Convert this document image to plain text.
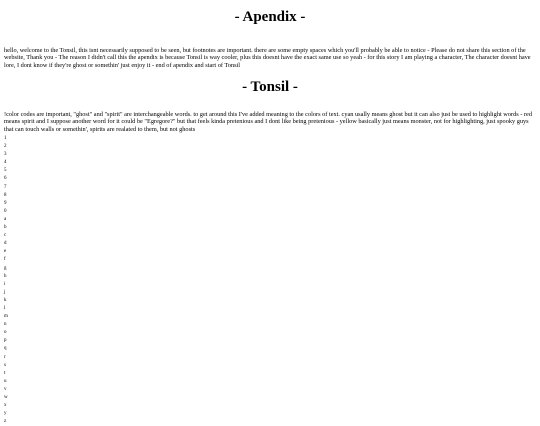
- Apendix -

hello, welcome to the Tonsil, this isnt necessarily supposed to be seen, but footnotes are important. there are some empty spaces which you'll probably be able to notice - Please do not share this section of the website, Thank you - The reason I didn't call this the apendix is because Tonsil is way cooler, plus this doesnt have the exact same use so yeah - for this story I am playing a character, The character doesnt have lore, I dont know if they're ghost or somethin' just enjoy it - end of apendix and start of Tonsil

- Tonsil -

!color codes are important, "ghost" and "spirit" are interchangeable words. to get around this I've added meaning to the colors of text. cyan usally means ghost but it can also just be used to highlight words - red means spirit and I suppose another word for it could be "Egregore?" but that feels kinda pretenious and I dont like being pretenious - yellow basically just means monster, not for highlighting, just spooky guys that can touch walls or somethin', spirits are realated to them, but not ghosts

1
2
3
4
5
6
7
8
9
0
a
b
c
d
e
f
g
h
i
j
k
l
m
n
o
p
q
r
s
t
u
v
w
x
y
z
